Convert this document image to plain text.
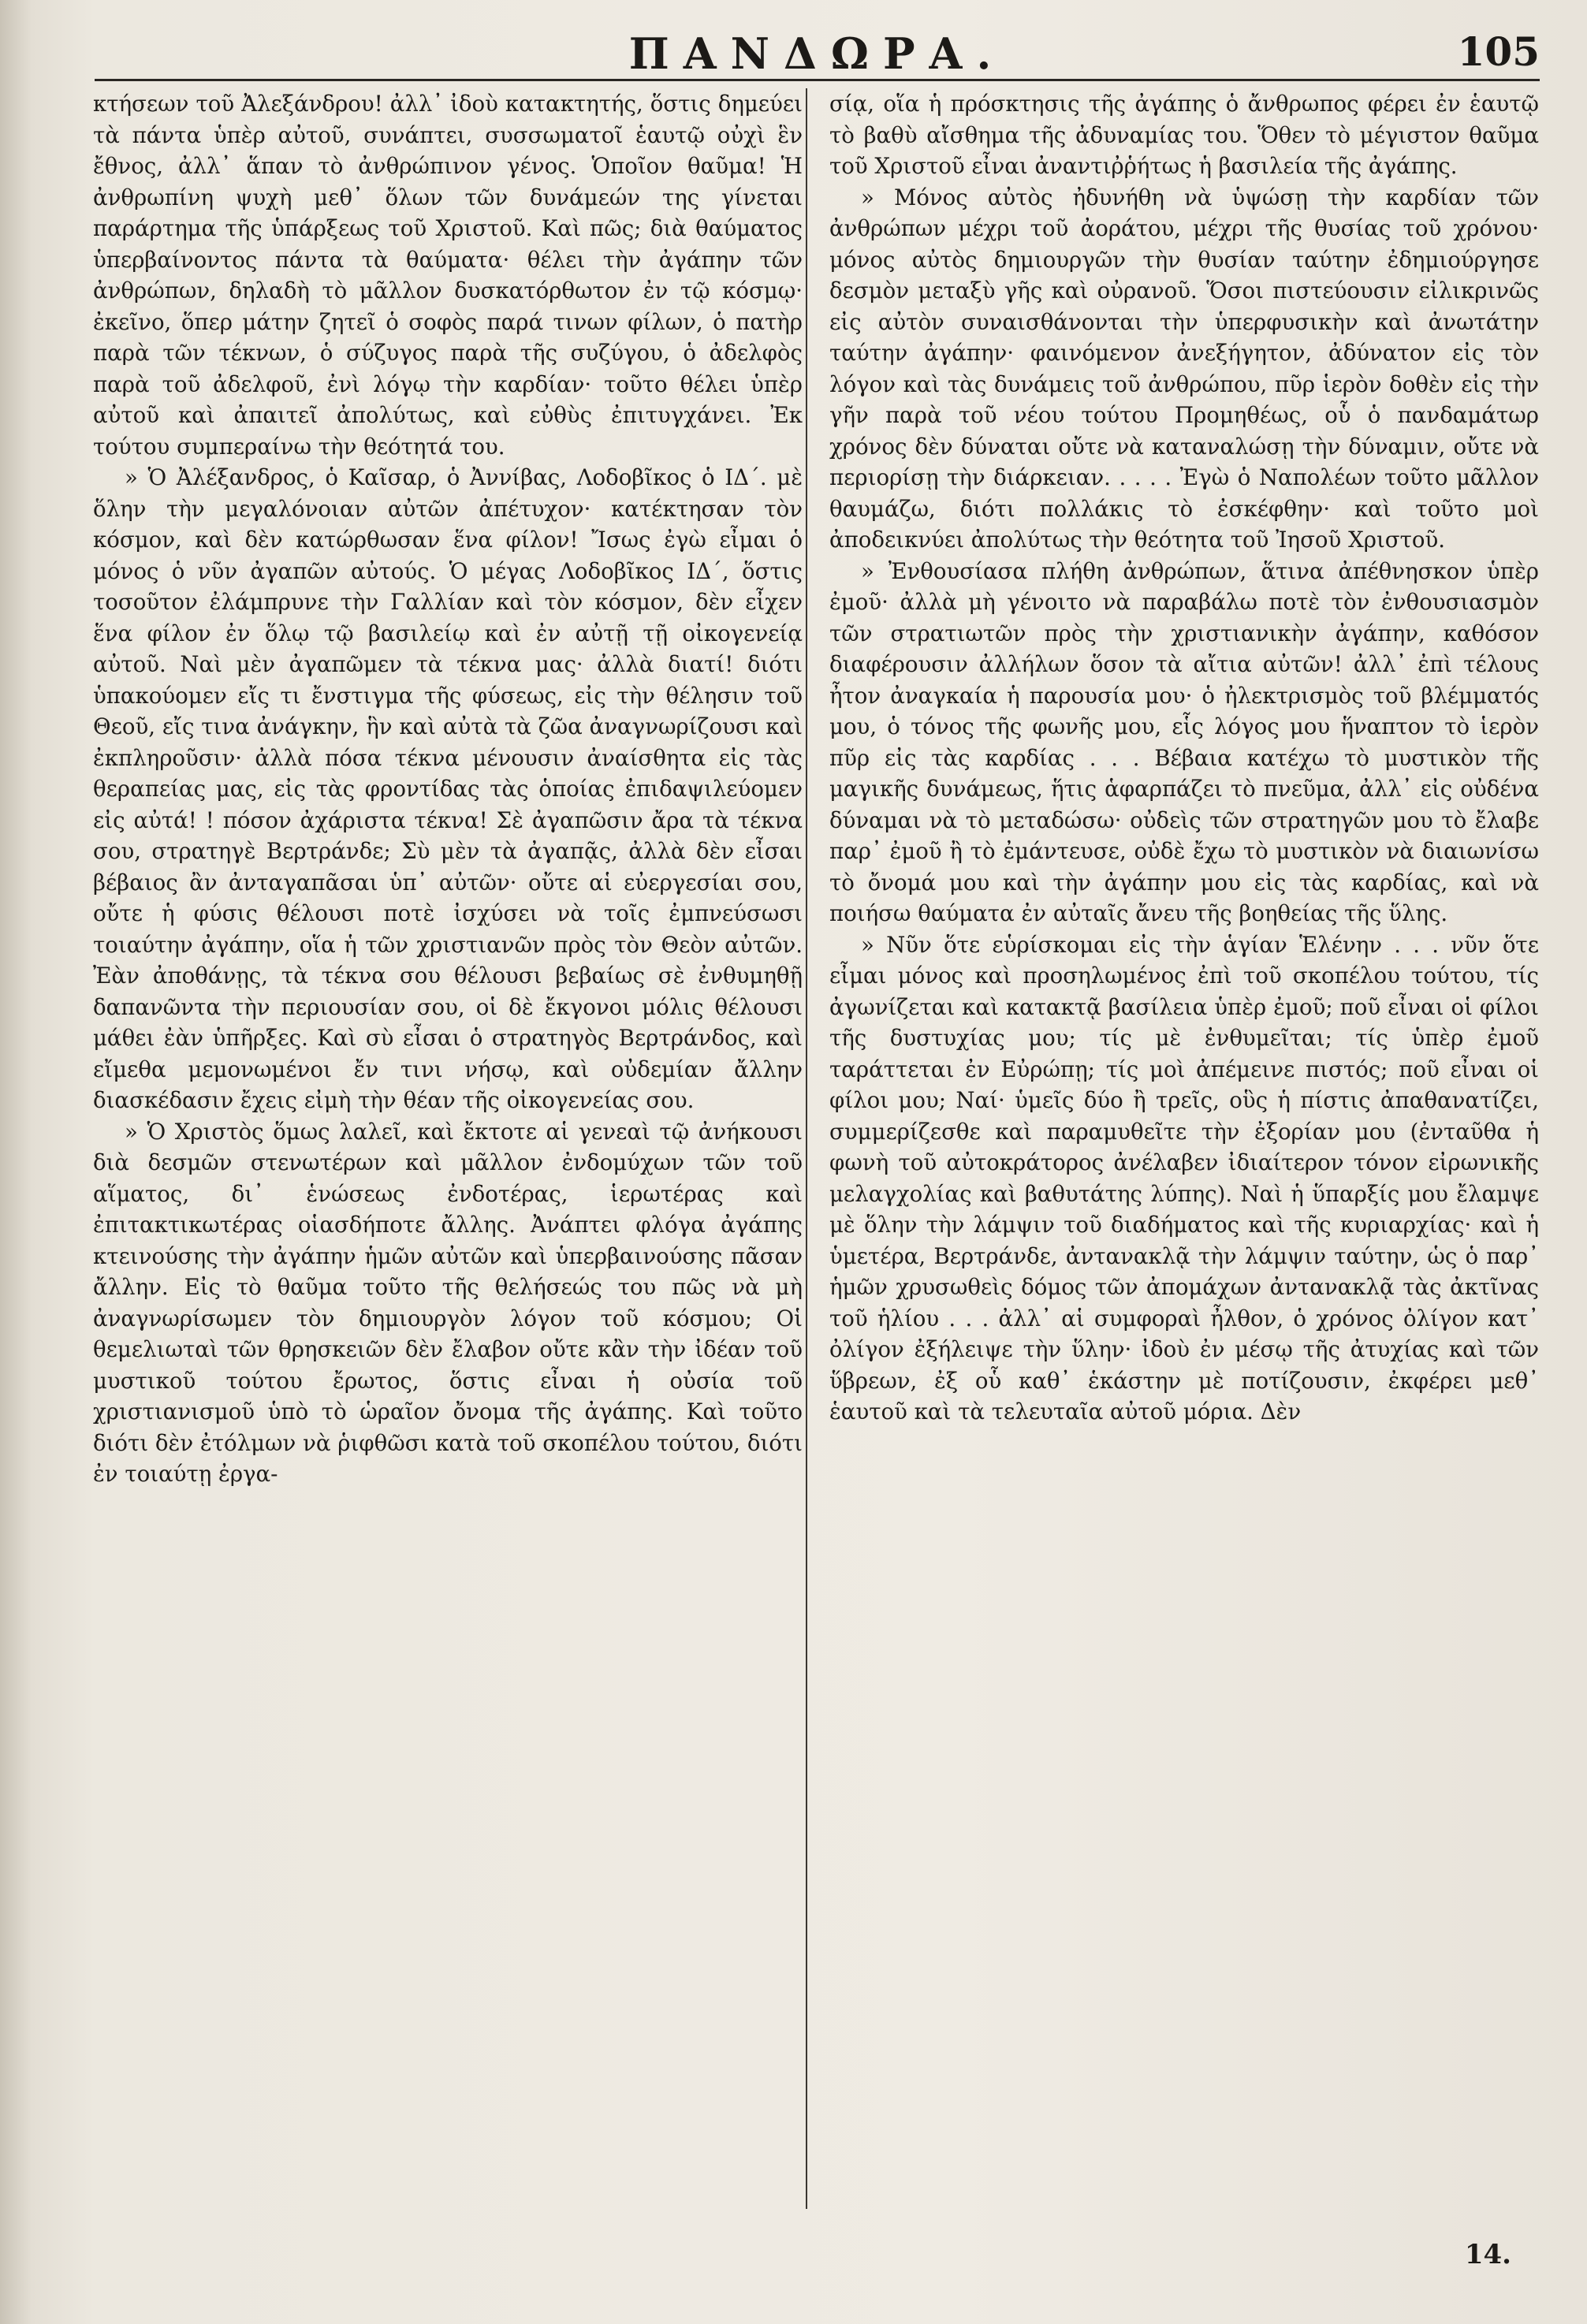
ΠΑΝΔΩΡΑ.	105

κτήσεων τοῦ Ἀλεξάνδρου! ἀλλ᾿ ἰδοὺ κατακτητής, ὅστις δημεύει τὰ πάντα ὑπὲρ αὐτοῦ, συνάπτει, συσσωματοῖ ἑαυτῷ οὐχὶ ἓν ἔθνος, ἀλλ᾿ ἅπαν τὸ ἀνθρώπινον γένος. Ὁποῖον θαῦμα! Ἡ ἀνθρωπίνη ψυχὴ μεθ᾿ ὅλων τῶν δυνάμεών της γίνεται παράρτημα τῆς ὑπάρξεως τοῦ Χριστοῦ. Καὶ πῶς; διὰ θαύματος ὑπερβαίνοντος πάντα τὰ θαύματα· θέλει τὴν ἀγάπην τῶν ἀνθρώπων, δηλαδὴ τὸ μᾶλλον δυσκατόρθωτον ἐν τῷ κόσμῳ· ἐκεῖνο, ὅπερ μάτην ζητεῖ ὁ σοφὸς παρά τινων φίλων, ὁ πατὴρ παρὰ τῶν τέκνων, ὁ σύζυγος παρὰ τῆς συζύγου, ὁ ἀδελφὸς παρὰ τοῦ ἀδελφοῦ, ἐνὶ λόγῳ τὴν καρδίαν· τοῦτο θέλει ὑπὲρ αὐτοῦ καὶ ἀπαιτεῖ ἀπολύτως, καὶ εὐθὺς ἐπιτυγχάνει. Ἐκ τούτου συμπεραίνω τὴν θεότητά του.

» Ὁ Ἀλέξανδρος, ὁ Καῖσαρ, ὁ Ἀννίβας, Λοδοβῖκος ὁ ΙΔ΄. μὲ ὅλην τὴν μεγαλόνοιαν αὐτῶν ἀπέτυχον· κατέκτησαν τὸν κόσμον, καὶ δὲν κατώρθωσαν ἕνα φίλον! Ἴσως ἐγὼ εἶμαι ὁ μόνος ὁ νῦν ἀγαπῶν αὐτούς. Ὁ μέγας Λοδοβῖκος ΙΔ΄, ὅστις τοσοῦτον ἐλάμπρυνε τὴν Γαλλίαν καὶ τὸν κόσμον, δὲν εἶχεν ἕνα φίλον ἐν ὅλῳ τῷ βασιλείῳ καὶ ἐν αὐτῇ τῇ οἰκογενείᾳ αὐτοῦ. Ναὶ μὲν ἀγαπῶμεν τὰ τέκνα μας· ἀλλὰ διατί! διότι ὑπακούομεν εἴς τι ἔνστιγμα τῆς φύσεως, εἰς τὴν θέλησιν τοῦ Θεοῦ, εἴς τινα ἀνάγκην, ἣν καὶ αὐτὰ τὰ ζῶα ἀναγνωρίζουσι καὶ ἐκπληροῦσιν· ἀλλὰ πόσα τέκνα μένουσιν ἀναίσθητα εἰς τὰς θεραπείας μας, εἰς τὰς φροντίδας τὰς ὁποίας ἐπιδαψιλεύομεν εἰς αὐτά! ! πόσον ἀχάριστα τέκνα! Σὲ ἀγαπῶσιν ἄρα τὰ τέκνα σου, στρατηγὲ Βερτράνδε; Σὺ μὲν τὰ ἀγαπᾷς, ἀλλὰ δὲν εἶσαι βέβαιος ἂν ἀνταγαπᾶσαι ὑπ᾿ αὐτῶν· οὔτε αἱ εὐεργεσίαι σου, οὔτε ἡ φύσις θέλουσι ποτὲ ἰσχύσει νὰ τοῖς ἐμπνεύσωσι τοιαύτην ἀγάπην, οἵα ἡ τῶν χριστιανῶν πρὸς τὸν Θεὸν αὐτῶν. Ἐὰν ἀποθάνῃς, τὰ τέκνα σου θέλουσι βεβαίως σὲ ἐνθυμηθῇ δαπανῶντα τὴν περιουσίαν σου, οἱ δὲ ἔκγονοι μόλις θέλουσι μάθει ἐὰν ὑπῆρξες. Καὶ σὺ εἶσαι ὁ στρατηγὸς Βερτράνδος, καὶ εἴμεθα μεμονωμένοι ἔν τινι νήσῳ, καὶ οὐδεμίαν ἄλλην διασκέδασιν ἔχεις εἰμὴ τὴν θέαν τῆς οἰκογενείας σου.

» Ὁ Χριστὸς ὅμως λαλεῖ, καὶ ἔκτοτε αἱ γενεαὶ τῷ ἀνήκουσι διὰ δεσμῶν στενωτέρων καὶ μᾶλλον ἐνδομύχων τῶν τοῦ αἵματος, δι᾿ ἑνώσεως ἐνδοτέρας, ἱερωτέρας καὶ ἐπιτακτικωτέρας οἱασδήποτε ἄλλης. Ἀνάπτει φλόγα ἀγάπης κτεινούσης τὴν ἀγάπην ἡμῶν αὐτῶν καὶ ὑπερβαινούσης πᾶσαν ἄλλην. Εἰς τὸ θαῦμα τοῦτο τῆς θελήσεώς του πῶς νὰ μὴ ἀναγνωρίσωμεν τὸν δημιουργὸν λόγον τοῦ κόσμου; Οἱ θεμελιωταὶ τῶν θρησκειῶν δὲν ἔλαβον οὔτε κἂν τὴν ἰδέαν τοῦ μυστικοῦ τούτου ἔρωτος, ὅστις εἶναι ἡ οὐσία τοῦ χριστιανισμοῦ ὑπὸ τὸ ὡραῖον ὄνομα τῆς ἀγάπης. Καὶ τοῦτο διότι δὲν ἐτόλμων νὰ ῥιφθῶσι κατὰ τοῦ σκοπέλου τούτου, διότι ἐν τοιαύτῃ ἐργα-

σίᾳ, οἵα ἡ πρόσκτησις τῆς ἀγάπης ὁ ἄνθρωπος φέρει ἐν ἑαυτῷ τὸ βαθὺ αἴσθημα τῆς ἀδυναμίας του. Ὅθεν τὸ μέγιστον θαῦμα τοῦ Χριστοῦ εἶναι ἀναντιῤῥήτως ἡ βασιλεία τῆς ἀγάπης.

» Μόνος αὐτὸς ἠδυνήθη νὰ ὑψώσῃ τὴν καρδίαν τῶν ἀνθρώπων μέχρι τοῦ ἀοράτου, μέχρι τῆς θυσίας τοῦ χρόνου· μόνος αὐτὸς δημιουργῶν τὴν θυσίαν ταύτην ἐδημιούργησε δεσμὸν μεταξὺ γῆς καὶ οὐρανοῦ. Ὅσοι πιστεύουσιν εἰλικρινῶς εἰς αὐτὸν συναισθάνονται τὴν ὑπερφυσικὴν καὶ ἀνωτάτην ταύτην ἀγάπην· φαινόμενον ἀνεξήγητον, ἀδύνατον εἰς τὸν λόγον καὶ τὰς δυνάμεις τοῦ ἀνθρώπου, πῦρ ἱερὸν δοθὲν εἰς τὴν γῆν παρὰ τοῦ νέου τούτου Προμηθέως, οὗ ὁ πανδαμάτωρ χρόνος δὲν δύναται οὔτε νὰ καταναλώσῃ τὴν δύναμιν, οὔτε νὰ περιορίσῃ τὴν διάρκειαν. . . . . Ἐγὼ ὁ Ναπολέων τοῦτο μᾶλλον θαυμάζω, διότι πολλάκις τὸ ἐσκέφθην· καὶ τοῦτο μοὶ ἀποδεικνύει ἀπολύτως τὴν θεότητα τοῦ Ἰησοῦ Χριστοῦ.

» Ἐνθουσίασα πλήθη ἀνθρώπων, ἅτινα ἀπέθνησκον ὑπὲρ ἐμοῦ· ἀλλὰ μὴ γένοιτο νὰ παραβάλω ποτὲ τὸν ἐνθουσιασμὸν τῶν στρατιωτῶν πρὸς τὴν χριστιανικὴν ἀγάπην, καθόσον διαφέρουσιν ἀλλήλων ὅσον τὰ αἴτια αὐτῶν! ἀλλ᾿ ἐπὶ τέλους ἦτον ἀναγκαία ἡ παρουσία μου· ὁ ἠλεκτρισμὸς τοῦ βλέμματός μου, ὁ τόνος τῆς φωνῆς μου, εἷς λόγος μου ἥναπτον τὸ ἱερὸν πῦρ εἰς τὰς καρδίας . . . Βέβαια κατέχω τὸ μυστικὸν τῆς μαγικῆς δυνάμεως, ἥτις ἁφαρπάζει τὸ πνεῦμα, ἀλλ᾿ εἰς οὐδένα δύναμαι νὰ τὸ μεταδώσω· οὐδεὶς τῶν στρατηγῶν μου τὸ ἔλαβε παρ᾿ ἐμοῦ ἢ τὸ ἐμάντευσε, οὐδὲ ἔχω τὸ μυστικὸν νὰ διαιωνίσω τὸ ὄνομά μου καὶ τὴν ἀγάπην μου εἰς τὰς καρδίας, καὶ νὰ ποιήσω θαύματα ἐν αὐταῖς ἄνευ τῆς βοηθείας τῆς ὕλης.

» Νῦν ὅτε εὑρίσκομαι εἰς τὴν ἁγίαν Ἑλένην . . . νῦν ὅτε εἶμαι μόνος καὶ προσηλωμένος ἐπὶ τοῦ σκοπέλου τούτου, τίς ἀγωνίζεται καὶ κατακτᾷ βασίλεια ὑπὲρ ἐμοῦ; ποῦ εἶναι οἱ φίλοι τῆς δυστυχίας μου; τίς μὲ ἐνθυμεῖται; τίς ὑπὲρ ἐμοῦ ταράττεται ἐν Εὐρώπῃ; τίς μοὶ ἀπέμεινε πιστός; ποῦ εἶναι οἱ φίλοι μου; Ναί· ὑμεῖς δύο ἢ τρεῖς, οὓς ἡ πίστις ἀπαθανατίζει, συμμερίζεσθε καὶ παραμυθεῖτε τὴν ἐξορίαν μου (ἐνταῦθα ἡ φωνὴ τοῦ αὐτοκράτορος ἀνέλαβεν ἰδιαίτερον τόνον εἰρωνικῆς μελαγχολίας καὶ βαθυτάτης λύπης). Ναὶ ἡ ὕπαρξίς μου ἔλαμψε μὲ ὅλην τὴν λάμψιν τοῦ διαδήματος καὶ τῆς κυριαρχίας· καὶ ἡ ὑμετέρα, Βερτράνδε, ἀντανακλᾷ τὴν λάμψιν ταύτην, ὡς ὁ παρ᾿ ἡμῶν χρυσωθεὶς δόμος τῶν ἀπομάχων ἀντανακλᾷ τὰς ἀκτῖνας τοῦ ἡλίου . . . ἀλλ᾿ αἱ συμφοραὶ ἦλθον, ὁ χρόνος ὀλίγον κατ᾿ ὀλίγον ἐξήλειψε τὴν ὕλην· ἰδοὺ ἐν μέσῳ τῆς ἀτυχίας καὶ τῶν ὕβρεων, ἐξ οὗ καθ᾿ ἑκάστην μὲ ποτίζουσιν, ἐκφέρει μεθ᾿ ἑαυτοῦ καὶ τὰ τελευταῖα αὐτοῦ μόρια. Δὲν

14.
